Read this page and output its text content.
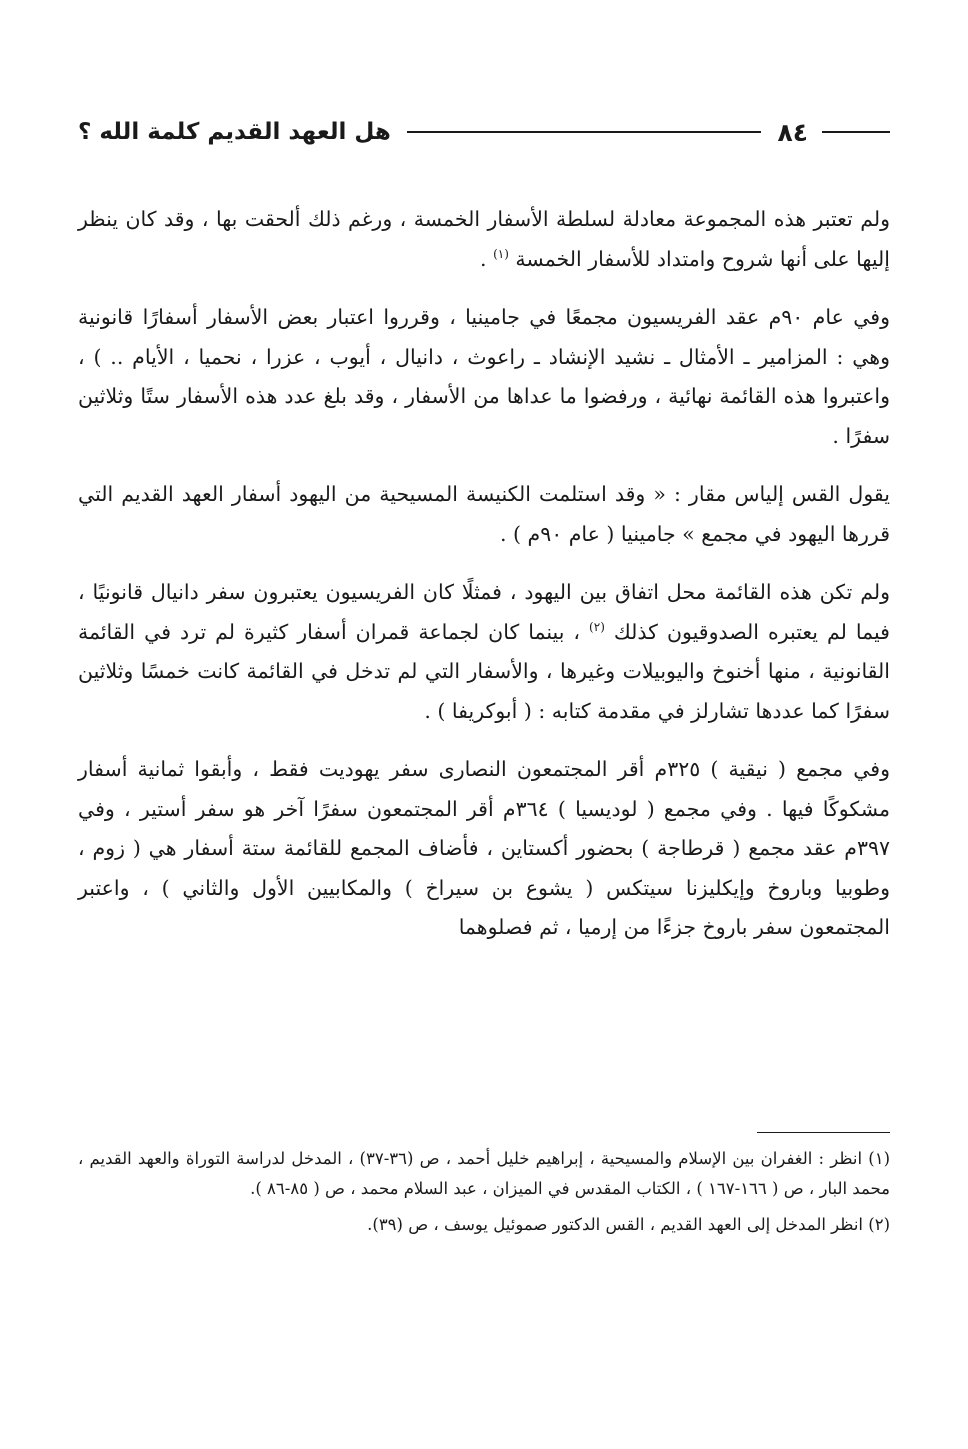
٨٤
هل العهد القديم كلمة الله ؟

ولم تعتبر هذه المجموعة معادلة لسلطة الأسفار الخمسة ، ورغم ذلك ألحقت بها ، وقد كان ينظر إليها على أنها شروح وامتداد للأسفار الخمسة $^{(١)}$ .

وفي عام ٩٠م عقد الفريسيون مجمعًا في جامينيا ، وقرروا اعتبار بعض الأسفار أسفارًا قانونية وهي : المزامير ـ الأمثال ـ نشيد الإنشاد ـ راعوث ، دانيال ، أيوب ، عزرا ، نحميا ، الأيام .. ) ، واعتبروا هذه القائمة نهائية ، ورفضوا ما عداها من الأسفار ، وقد بلغ عدد هذه الأسفار ستًا وثلاثين سفرًا .

يقول القس إلياس مقار : « وقد استلمت الكنيسة المسيحية من اليهود أسفار العهد القديم التي قررها اليهود في مجمع » جامينيا ( عام ٩٠م ) .

ولم تكن هذه القائمة محل اتفاق بين اليهود ، فمثلًا كان الفريسيون يعتبرون سفر دانيال قانونيًا ، فيما لم يعتبره الصدوقيون كذلك $^{(٢)}$ ، بينما كان لجماعة قمران أسفار كثيرة لم ترد في القائمة القانونية ، منها أخنوخ واليوبيلات وغيرها ، والأسفار التي لم تدخل في القائمة كانت خمسًا وثلاثين سفرًا كما عددها تشارلز في مقدمة كتابه : ( أبوكريفا ) .

وفي مجمع ( نيقية ) ٣٢٥م أقر المجتمعون النصارى سفر يهوديت فقط ، وأبقوا ثمانية أسفار مشكوكًا فيها . وفي مجمع ( لوديسيا ) ٣٦٤م أقر المجتمعون سفرًا آخر هو سفر أستير ، وفي ٣٩٧م عقد مجمع ( قرطاجة ) بحضور أكستاين ، فأضاف المجمع للقائمة ستة أسفار هي ( زوم ، وطوبيا وباروخ وإيكليزنا سيتكس ( يشوع بن سيراخ ) والمكابيين الأول والثاني ) ، واعتبر المجتمعون سفر باروخ جزءًا من إرميا ، ثم فصلوهما

(١) انظر : الغفران بين الإسلام والمسيحية ، إبراهيم خليل أحمد ، ص (٣٦-٣٧) ، المدخل لدراسة التوراة والعهد القديم ، محمد البار ، ص ( ١٦٦-١٦٧ ) ، الكتاب المقدس في الميزان ، عبد السلام محمد ، ص ( ٨٥-٨٦ ).

(٢) انظر المدخل إلى العهد القديم ، القس الدكتور صموئيل يوسف ، ص (٣٩).
